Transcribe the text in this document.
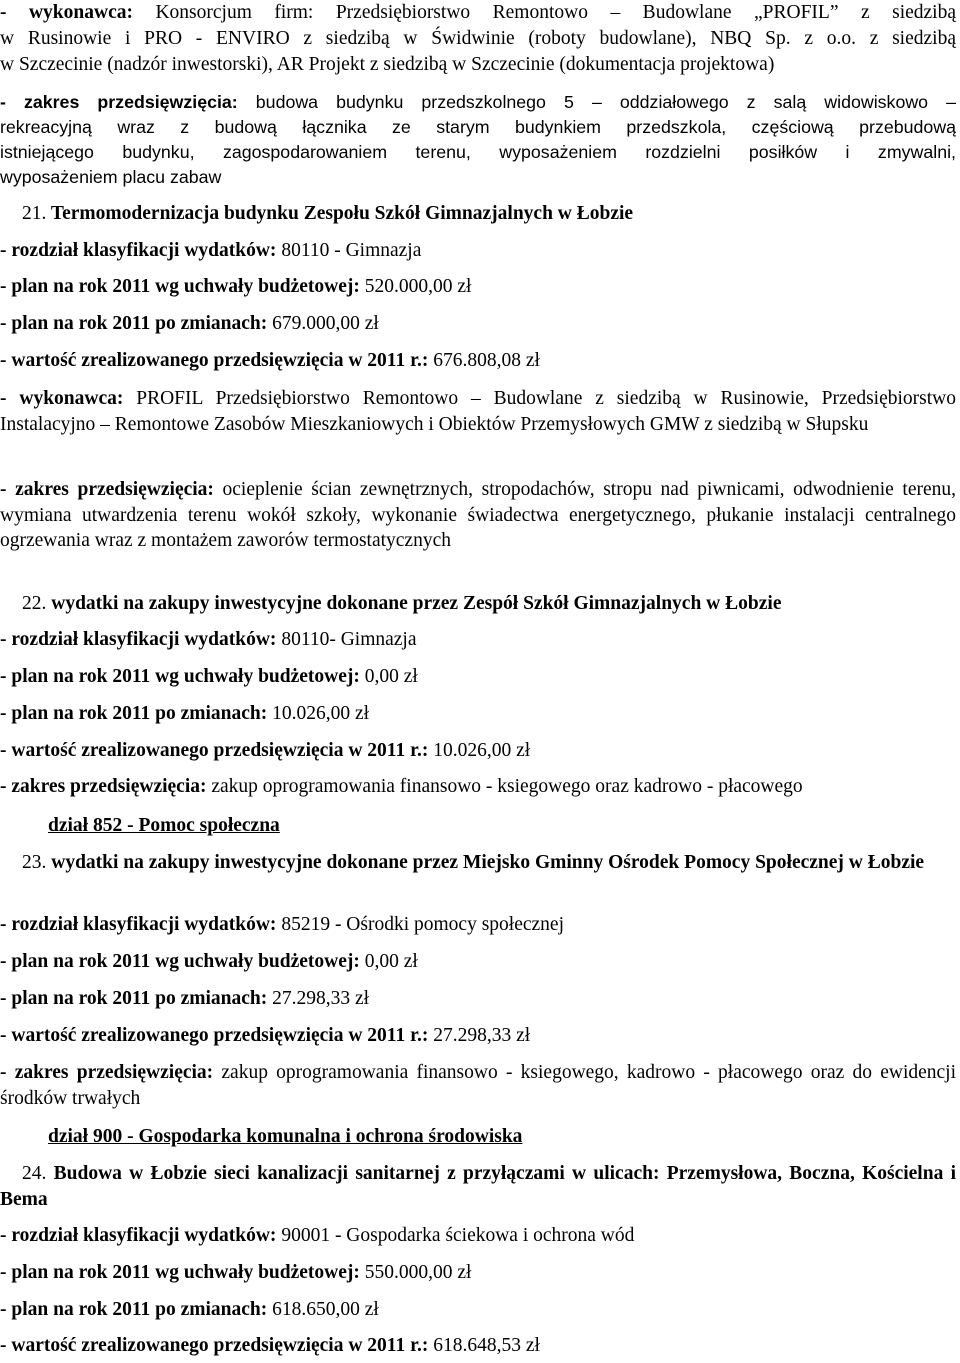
- wykonawca: Konsorcjum firm: Przedsiębiorstwo Remontowo – Budowlane „PROFIL” z siedzibą

w Rusinowie i PRO - ENVIRO z siedzibą w Świdwinie (roboty budowlane), NBQ Sp. z o.o. z siedzibą

w Szczecinie (nadzór inwestorski), AR Projekt z siedzibą w Szczecinie (dokumentacja projektowa)

- zakres przedsięwzięcia: budowa budynku przedszkolnego 5 – oddziałowego z salą widowiskowo –

rekreacyjną wraz z budową łącznika ze starym budynkiem przedszkola, częściową przebudową

istniejącego budynku, zagospodarowaniem terenu, wyposażeniem rozdzielni posiłków i zmywalni,

wyposażeniem placu zabaw

21. Termomodernizacja budynku Zespołu Szkół Gimnazjalnych w Łobzie

- rozdział klasyfikacji wydatków: 80110 - Gimnazja

- plan na rok 2011 wg uchwały budżetowej: 520.000,00 zł

- plan na rok 2011 po zmianach: 679.000,00 zł

- wartość zrealizowanego przedsięwzięcia w 2011 r.: 676.808,08 zł

- wykonawca: PROFIL Przedsiębiorstwo Remontowo – Budowlane z siedzibą w Rusinowie, Przedsiębiorstwo Instalacyjno – Remontowe Zasobów Mieszkaniowych i Obiektów Przemysłowych GMW z siedzibą w Słupsku

- zakres przedsięwzięcia: ocieplenie ścian zewnętrznych, stropodachów, stropu nad piwnicami, odwodnienie terenu, wymiana utwardzenia terenu wokół szkoły, wykonanie świadectwa energetycznego, płukanie instalacji centralnego ogrzewania wraz z montażem zaworów termostatycznych

22. wydatki na zakupy inwestycyjne dokonane przez Zespół Szkół Gimnazjalnych w Łobzie

- rozdział klasyfikacji wydatków: 80110- Gimnazja

- plan na rok 2011 wg uchwały budżetowej: 0,00 zł

- plan na rok 2011 po zmianach: 10.026,00 zł

- wartość zrealizowanego przedsięwzięcia w 2011 r.: 10.026,00 zł

- zakres przedsięwzięcia: zakup oprogramowania finansowo - ksiegowego oraz kadrowo - płacowego

dział 852 - Pomoc społeczna

23. wydatki na zakupy inwestycyjne dokonane przez Miejsko Gminny Ośrodek Pomocy Społecznej w Łobzie

- rozdział klasyfikacji wydatków: 85219 - Ośrodki pomocy społecznej

- plan na rok 2011 wg uchwały budżetowej: 0,00 zł

- plan na rok 2011 po zmianach: 27.298,33 zł

- wartość zrealizowanego przedsięwzięcia w 2011 r.: 27.298,33 zł

- zakres przedsięwzięcia: zakup oprogramowania finansowo - ksiegowego, kadrowo - płacowego oraz do ewidencji środków trwałych

dział 900 - Gospodarka komunalna i ochrona środowiska

24. Budowa w Łobzie sieci kanalizacji sanitarnej z przyłączami w ulicach: Przemysłowa, Boczna, Kościelna i Bema

- rozdział klasyfikacji wydatków: 90001 - Gospodarka ściekowa i ochrona wód

- plan na rok 2011 wg uchwały budżetowej: 550.000,00 zł

- plan na rok 2011 po zmianach: 618.650,00 zł

- wartość zrealizowanego przedsięwzięcia w 2011 r.: 618.648,53 zł
